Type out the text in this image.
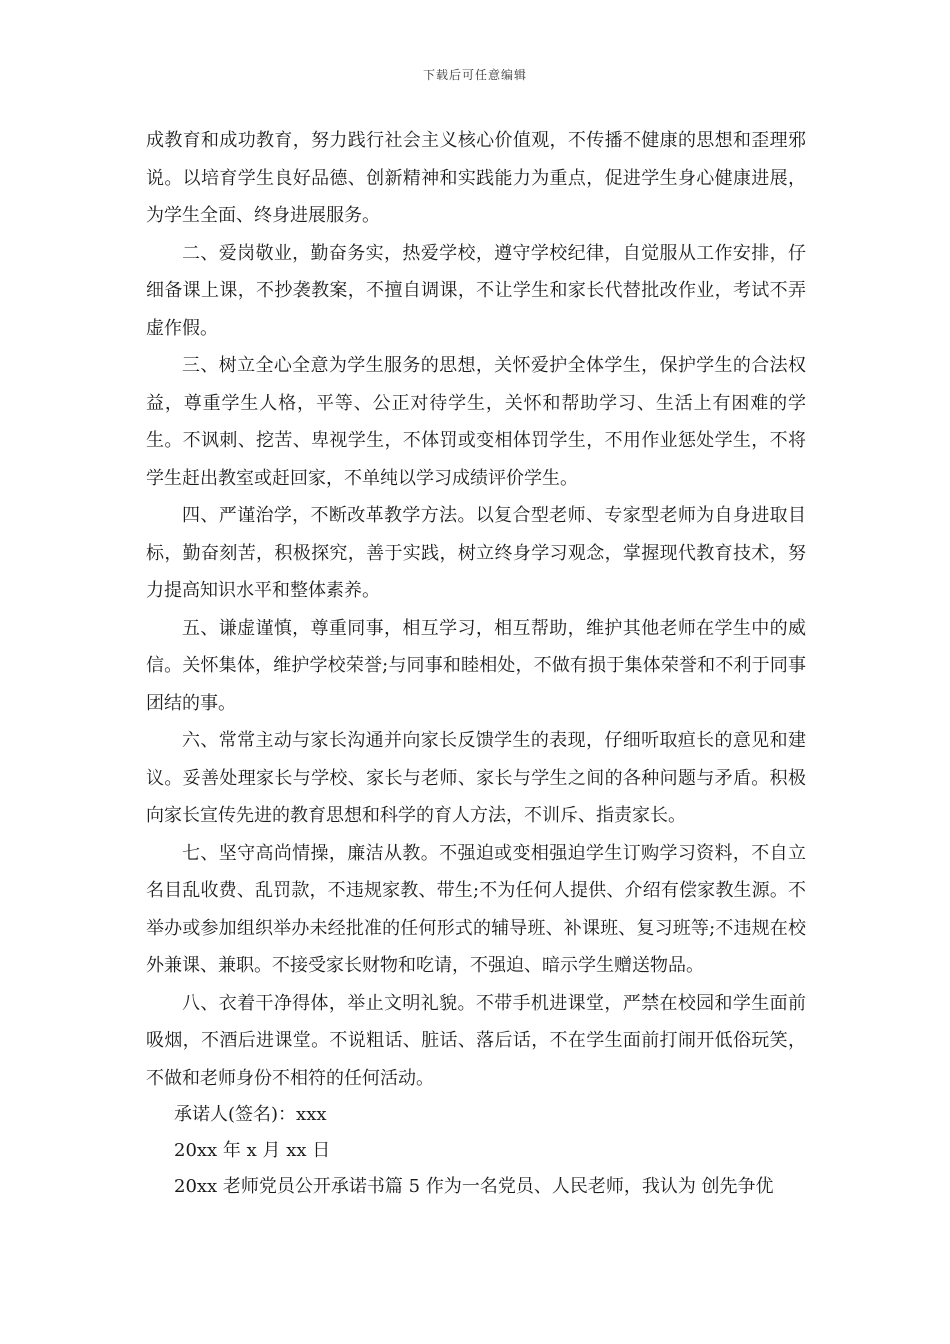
下载后可任意编辑

成教育和成功教育，努力践行社会主义核心价值观，不传播不健康的思想和歪理邪说。以培育学生良好品德、创新精神和实践能力为重点，促进学生身心健康进展，为学生全面、终身进展服务。

二、爱岗敬业，勤奋务实，热爱学校，遵守学校纪律，自觉服从工作安排，仔细备课上课，不抄袭教案，不擅自调课，不让学生和家长代替批改作业，考试不弄虚作假。

三、树立全心全意为学生服务的思想，关怀爱护全体学生，保护学生的合法权益，尊重学生人格，平等、公正对待学生，关怀和帮助学习、生活上有困难的学生。不讽刺、挖苦、卑视学生，不体罚或变相体罚学生，不用作业惩处学生，不将学生赶出教室或赶回家，不单纯以学习成绩评价学生。

四、严谨治学，不断改革教学方法。以复合型老师、专家型老师为自身进取目标，勤奋刻苦，积极探究，善于实践，树立终身学习观念，掌握现代教育技术，努力提高知识水平和整体素养。

五、谦虚谨慎，尊重同事，相互学习，相互帮助，维护其他老师在学生中的威信。关怀集体，维护学校荣誉;与同事和睦相处，不做有损于集体荣誉和不利于同事团结的事。

六、常常主动与家长沟通并向家长反馈学生的表现，仔细听取疸长的意见和建议。妥善处理家长与学校、家长与老师、家长与学生之间的各种问题与矛盾。积极向家长宣传先进的教育思想和科学的育人方法，不训斥、指责家长。

七、坚守高尚情操，廉洁从教。不强迫或变相强迫学生订购学习资料，不自立名目乱收费、乱罚款，不违规家教、带生;不为任何人提供、介绍有偿家教生源。不举办或参加组织举办未经批准的任何形式的辅导班、补课班、复习班等;不违规在校外兼课、兼职。不接受家长财物和吃请，不强迫、暗示学生赠送物品。

八、衣着干净得体，举止文明礼貌。不带手机进课堂，严禁在校园和学生面前吸烟，不酒后进课堂。不说粗话、脏话、落后话，不在学生面前打闹开低俗玩笑，不做和老师身份不相符的任何活动。

承诺人(签名)：xxx

20xx 年 x 月 xx 日

20xx 老师党员公开承诺书篇 5 作为一名党员、人民老师，我认为 创先争优
